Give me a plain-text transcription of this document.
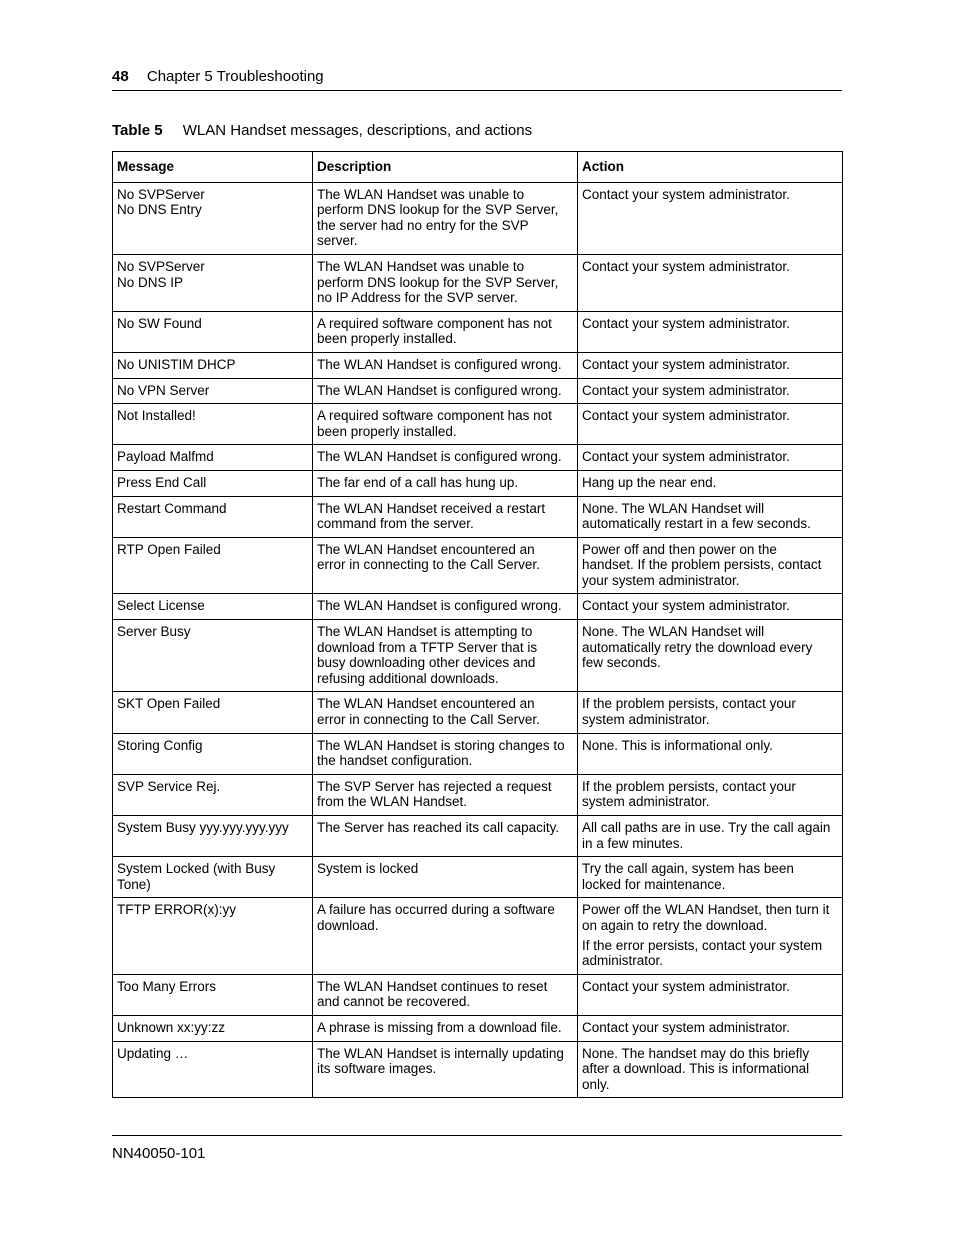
48 Chapter 5 Troubleshooting
Table 5 WLAN Handset messages, descriptions, and actions
Message	Description	Action

No SVPServer
No DNS Entry	The WLAN Handset was unable to
perform DNS lookup for the SVP Server,
the server had no entry for the SVP
server.	Contact your system administrator.

No SVPServer
No DNS IP	The WLAN Handset was unable to
perform DNS lookup for the SVP Server,
no IP Address for the SVP server.	Contact your system administrator.

No SW Found	A required software component has not
been properly installed.	Contact your system administrator.

No UNISTIM DHCP	The WLAN Handset is configured wrong.	Contact your system administrator.

No VPN Server	The WLAN Handset is configured wrong.	Contact your system administrator.

Not Installed!	A required software component has not
been properly installed.	Contact your system administrator.

Payload Malfmd	The WLAN Handset is configured wrong.	Contact your system administrator.

Press End Call	The far end of a call has hung up.	Hang up the near end.

Restart Command	The WLAN Handset received a restart
command from the server.	None. The WLAN Handset will
automatically restart in a few seconds.

RTP Open Failed	The WLAN Handset encountered an
error in connecting to the Call Server.	Power off and then power on the
handset. If the problem persists, contact
your system administrator.

Select License	The WLAN Handset is configured wrong.	Contact your system administrator.

Server Busy	The WLAN Handset is attempting to
download from a TFTP Server that is
busy downloading other devices and
refusing additional downloads.	None. The WLAN Handset will
automatically retry the download every
few seconds.

SKT Open Failed	The WLAN Handset encountered an
error in connecting to the Call Server.	If the problem persists, contact your
system administrator.

Storing Config	The WLAN Handset is storing changes to
the handset configuration.	None. This is informational only.

SVP Service Rej.	The SVP Server has rejected a request
from the WLAN Handset.	If the problem persists, contact your
system administrator.

System Busy yyy.yyy.yyy.yyy	The Server has reached its call capacity.	All call paths are in use. Try the call again
in a few minutes.

System Locked (with Busy
Tone)	System is locked	Try the call again, system has been
locked for maintenance.

TFTP ERROR(x):yy	A failure has occurred during a software
download.	Power off the WLAN Handset, then turn it
on again to retry the download.
If the error persists, contact your system
administrator.

Too Many Errors	The WLAN Handset continues to reset
and cannot be recovered.	Contact your system administrator.

Unknown xx:yy:zz	A phrase is missing from a download file.	Contact your system administrator.

Updating …	The WLAN Handset is internally updating
its software images.	None. The handset may do this briefly
after a download. This is informational
only.
NN40050-101
